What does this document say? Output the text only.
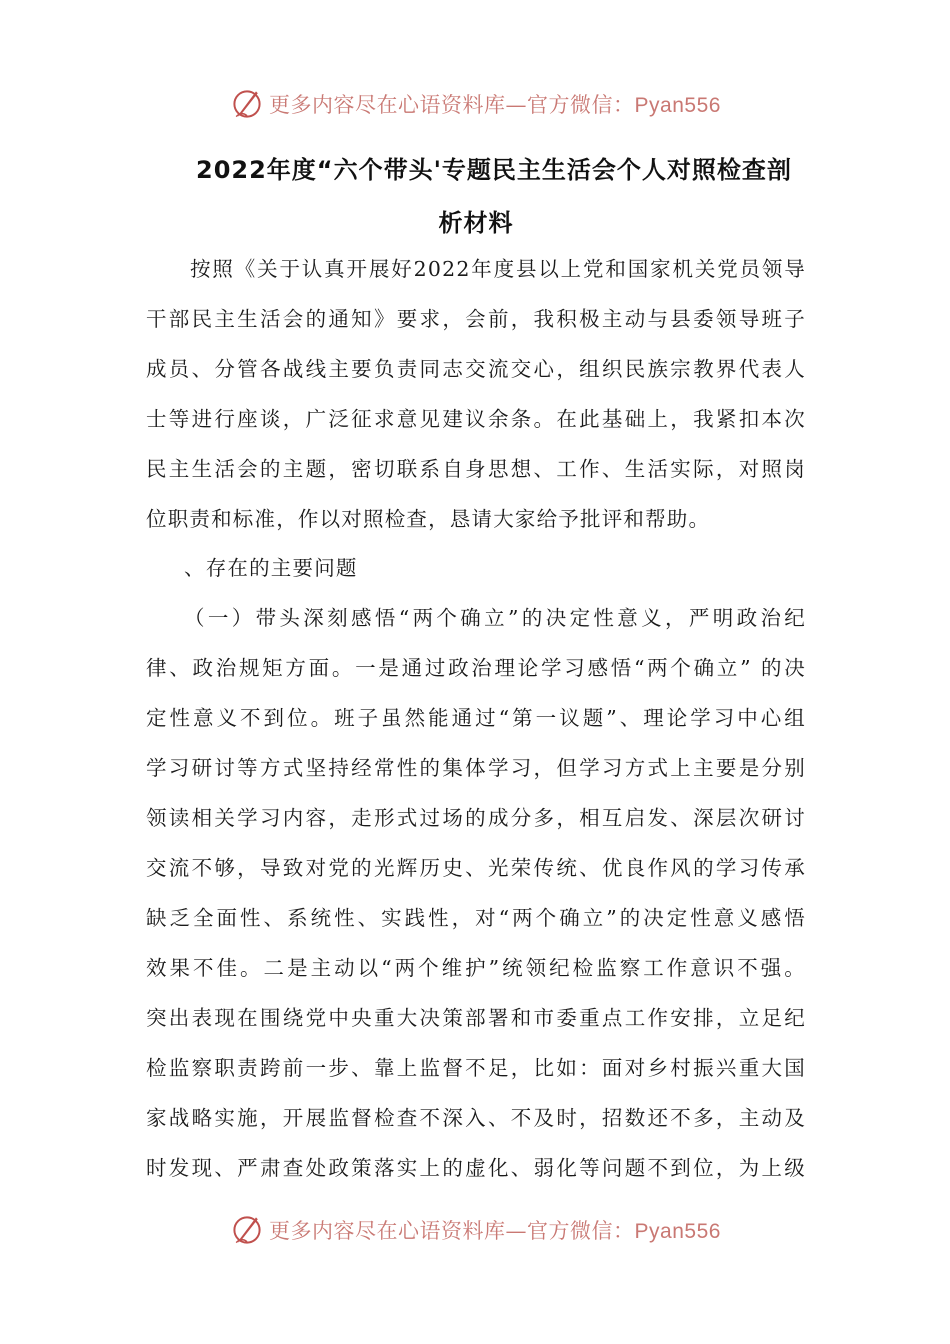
更多内容尽在心语资料库—官方微信：Pyan556
2022年度“六个带头'专题民主生活会个人对照检查剖
析材料
按照《关于认真开展好2022年度县以上党和国家机关党员领导
干部民主生活会的通知》要求，会前，我积极主动与县委领导班子
成员、分管各战线主要负责同志交流交心，组织民族宗教界代表人
士等进行座谈，广泛征求意见建议余条。在此基础上，我紧扣本次
民主生活会的主题，密切联系自身思想、工作、生活实际，对照岗
位职责和标准，作以对照检查，恳请大家给予批评和帮助。
、存在的主要问题
（一）带头深刻感悟“两个确立”的决定性意义，严明政治纪
律、政治规矩方面。一是通过政治理论学习感悟“两个确立” 的决
定性意义不到位。班子虽然能通过“第一议题”、理论学习中心组
学习研讨等方式坚持经常性的集体学习，但学习方式上主要是分别
领读相关学习内容，走形式过场的成分多，相互启发、深层次研讨
交流不够，导致对党的光辉历史、光荣传统、优良作风的学习传承
缺乏全面性、系统性、实践性，对“两个确立”的决定性意义感悟
效果不佳。二是主动以“两个维护”统领纪检监察工作意识不强。
突出表现在围绕党中央重大决策部署和市委重点工作安排，立足纪
检监察职责跨前一步、靠上监督不足，比如：面对乡村振兴重大国
家战略实施，开展监督检查不深入、不及时，招数还不多，主动及
时发现、严肃查处政策落实上的虚化、弱化等问题不到位，为上级
更多内容尽在心语资料库—官方微信：Pyan556
